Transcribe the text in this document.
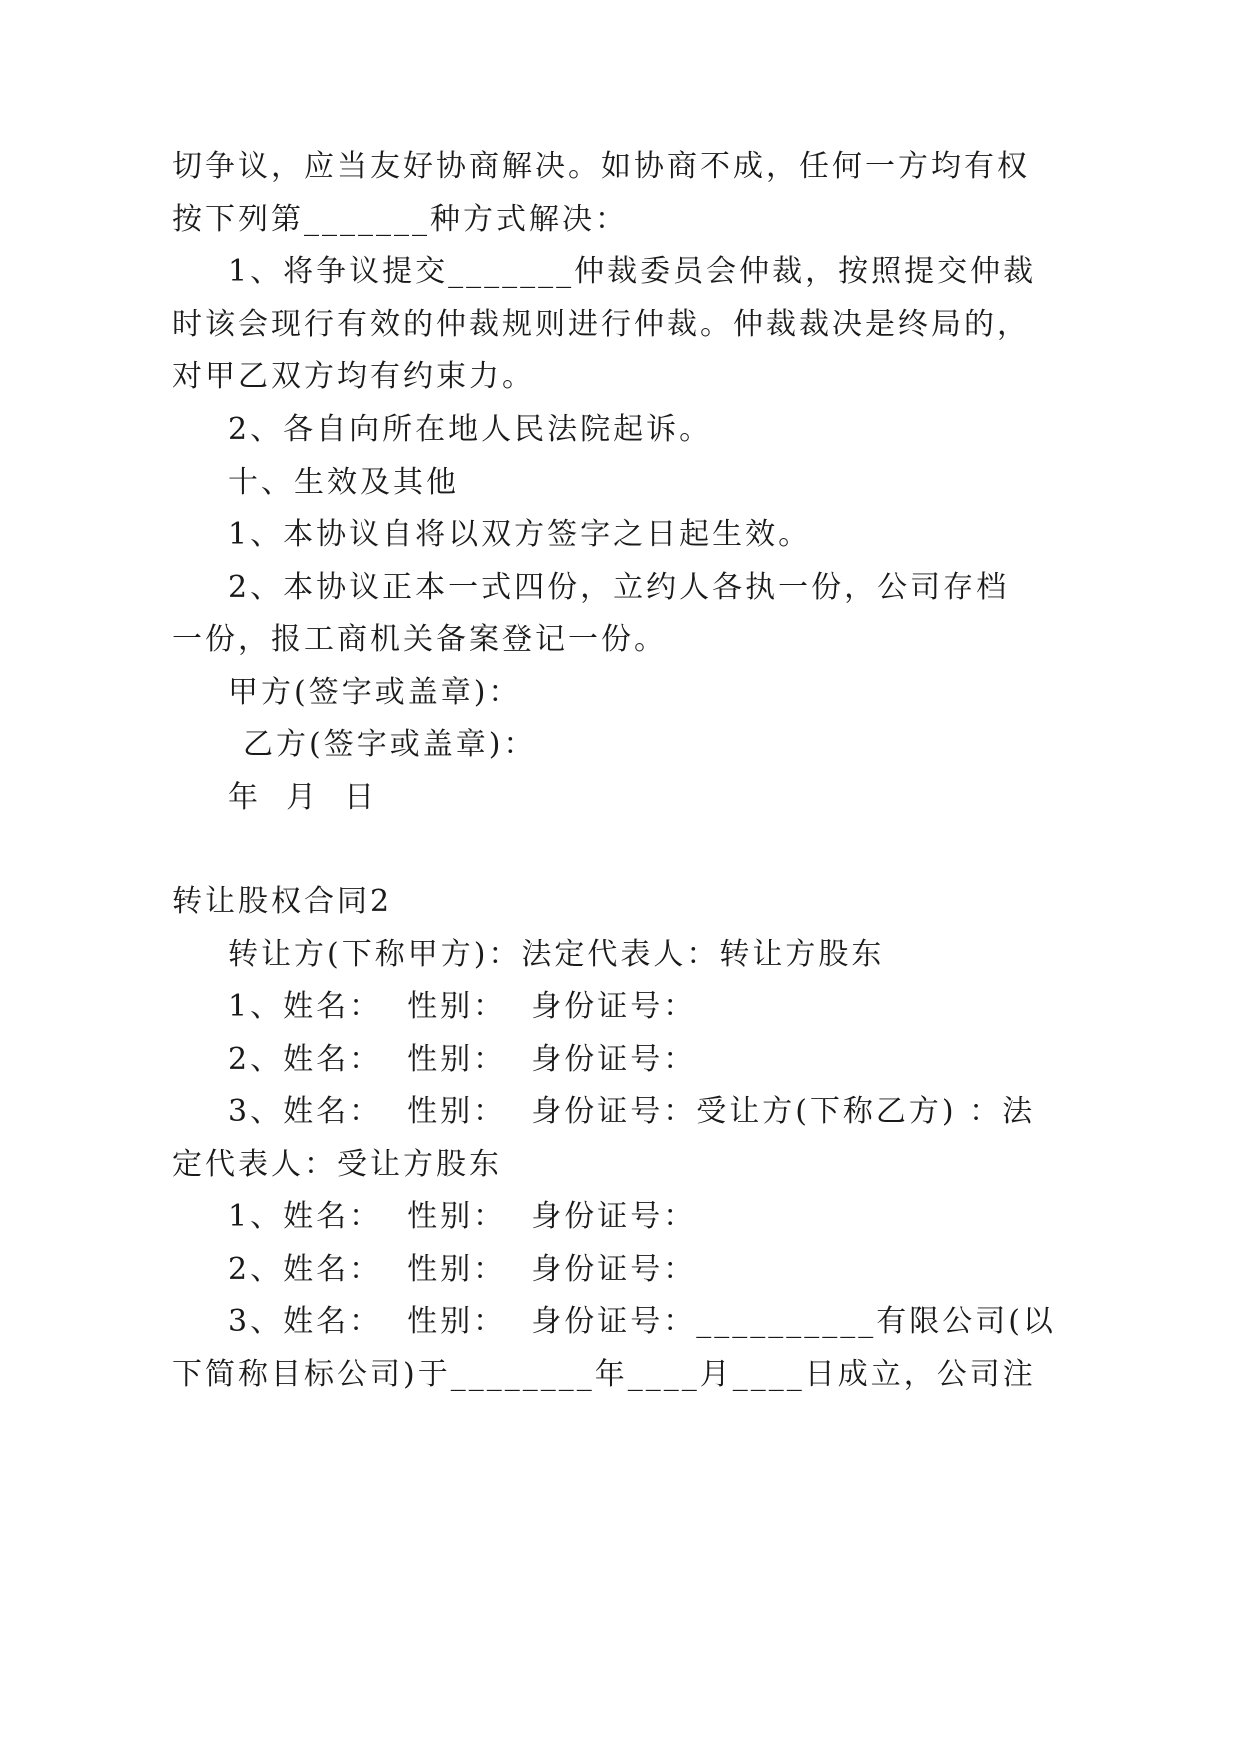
切争议，应当友好协商解决。如协商不成，任何一方均有权
按下列第_______种方式解决：
1、将争议提交_______仲裁委员会仲裁，按照提交仲裁
时该会现行有效的仲裁规则进行仲裁。仲裁裁决是终局的，
对甲乙双方均有约束力。
2、各自向所在地人民法院起诉。
十、生效及其他
1、本协议自将以双方签字之日起生效。
2、本协议正本一式四份，立约人各执一份，公司存档
一份，报工商机关备案登记一份。
甲方(签字或盖章)：
乙方(签字或盖章)：
年  月  日
转让股权合同2
转让方(下称甲方)：法定代表人：转让方股东
1、姓名：  性别：  身份证号：
2、姓名：  性别：  身份证号：
3、姓名：  性别：  身份证号：受让方(下称乙方) ：法
定代表人：受让方股东
1、姓名：  性别：  身份证号：
2、姓名：  性别：  身份证号：
3、姓名：  性别：  身份证号：__________有限公司(以
下简称目标公司)于________年____月____日成立，公司注
